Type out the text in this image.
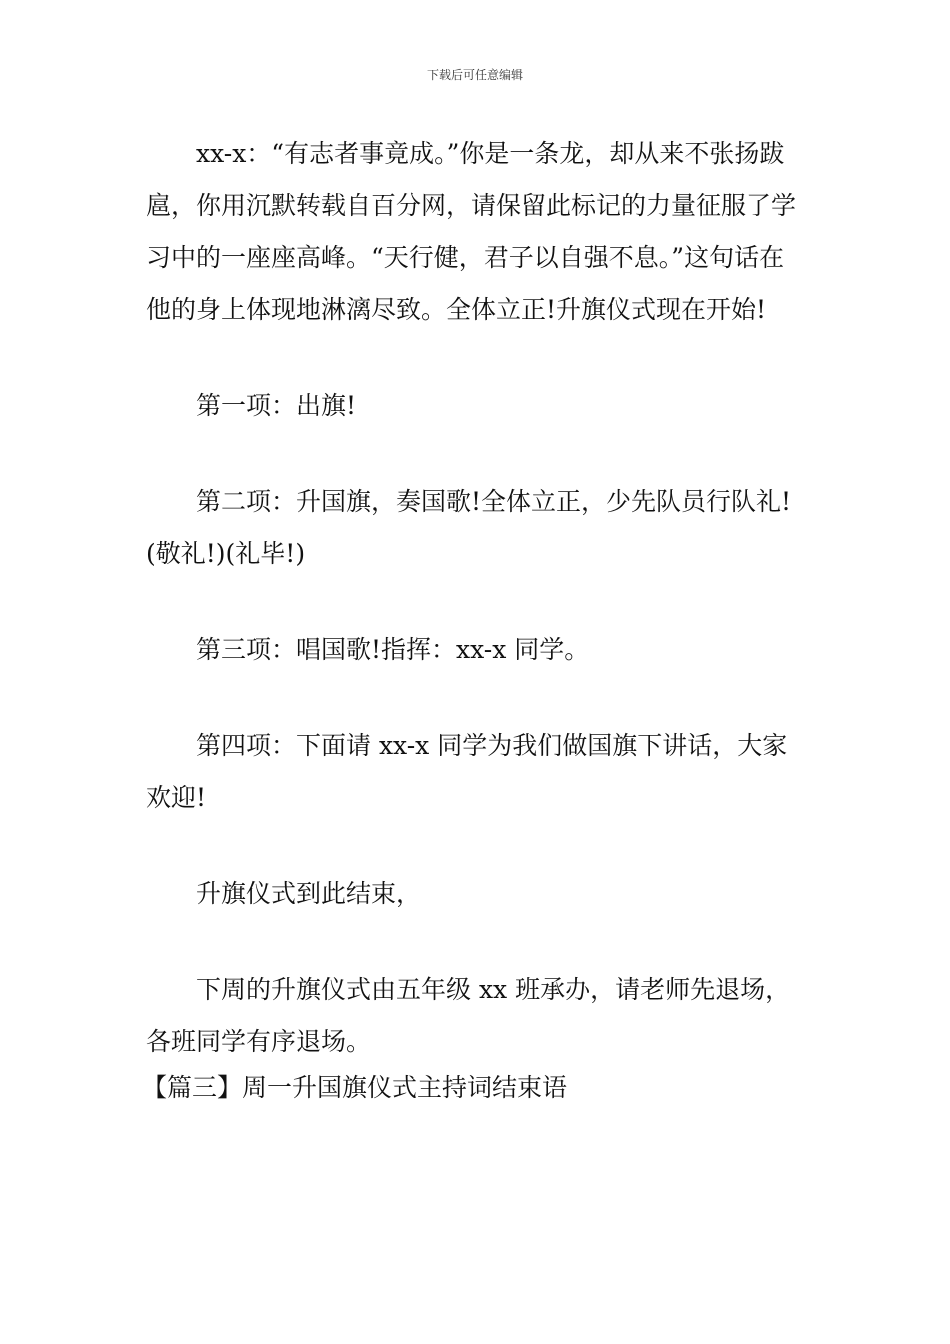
下载后可任意编辑

xx-x：“有志者事竟成。”你是一条龙，却从来不张扬跋扈，你用沉默转载自百分网，请保留此标记的力量征服了学习中的一座座高峰。“天行健，君子以自强不息。”这句话在他的身上体现地淋漓尽致。全体立正!升旗仪式现在开始!

第一项：出旗!

第二项：升国旗，奏国歌!全体立正，少先队员行队礼!(敬礼!)(礼毕!)

第三项：唱国歌!指挥：xx-x 同学。

第四项：下面请 xx-x 同学为我们做国旗下讲话，大家欢迎!

升旗仪式到此结束，

下周的升旗仪式由五年级 xx 班承办，请老师先退场，各班同学有序退场。

【篇三】周一升国旗仪式主持词结束语
